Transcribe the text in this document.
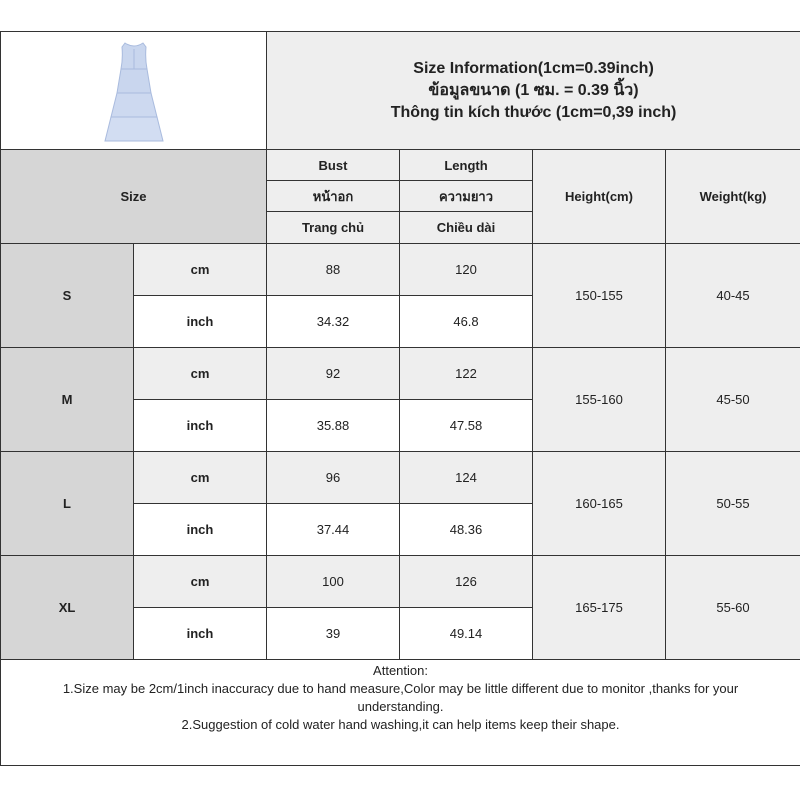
Size Information(1cm=0.39inch)
ข้อมูลขนาด (1 ซม. = 0.39 นิ้ว)
Thông tin kích thước (1cm=0,39 inch)			

Size		Bust	Length	Height(cm)	Weight(kg)
		หน้าอก	ความยาว		
		Trang chủ	Chiều dài		
S	cm	88	120	150-155	40-45
	inch	34.32	46.8		
M	cm	92	122	155-160	45-50
	inch	35.88	47.58		
L	cm	96	124	160-165	50-55
	inch	37.44	48.36		
XL	cm	100	126	165-175	55-60
	inch	39	49.14		

Attention:
1.Size may be 2cm/1inch inaccuracy due to hand measure,Color may be little different due to monitor ,thanks for your understanding.
2.Suggestion of cold water hand washing,it can help items keep their shape.					
